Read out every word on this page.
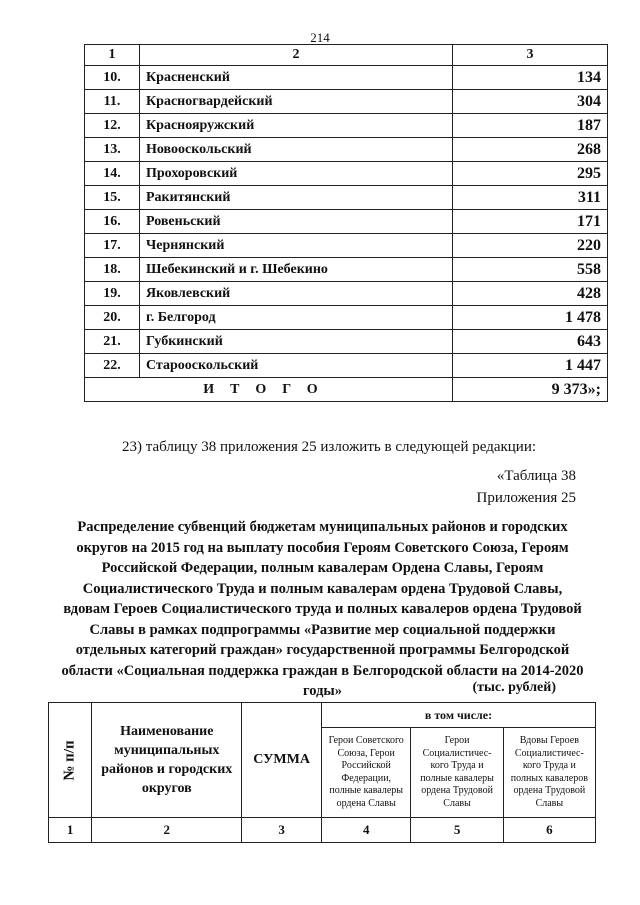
214
1	2	3
10.	Красненский	134
11.	Красногвардейский	304
12.	Краснояружский	187
13.	Новооскольский	268
14.	Прохоровский	295
15.	Ракитянский	311
16.	Ровеньский	171
17.	Чернянский	220
18.	Шебекинский и г. Шебекино	558
19.	Яковлевский	428
20.	г. Белгород	1 478
21.	Губкинский	643
22.	Старооскольский	1 447
ИТОГО		9 373»;
23) таблицу 38 приложения 25 изложить в следующей редакции:
«Таблица 38
Приложения 25
Распределение субвенций бюджетам муниципальных районов и городских округов на 2015 год на выплату пособия Героям Советского Союза, Героям Российской Федерации, полным кавалерам Ордена Славы, Героям Социалистического Труда и полным кавалерам ордена Трудовой Славы, вдовам Героев Социалистического труда и полных кавалеров ордена Трудовой Славы в рамках подпрограммы «Развитие мер социальной поддержки отдельных категорий граждан» государственной программы Белгородской области «Социальная поддержка граждан в Белгородской области на 2014-2020 годы»	(тыс. рублей)
№ п/п	Наименование муниципальных районов и городских округов	СУММА	в том числе:		
			Герои Советского Союза, Герои Российской Федерации, полные кавалеры ордена Славы	Герои Социалистичес-кого Труда и полные кавалеры ордена Трудовой Славы	Вдовы Героев Социалистичес-кого Труда и полных кавалеров ордена Трудовой Славы
1	2	3	4	5	6
